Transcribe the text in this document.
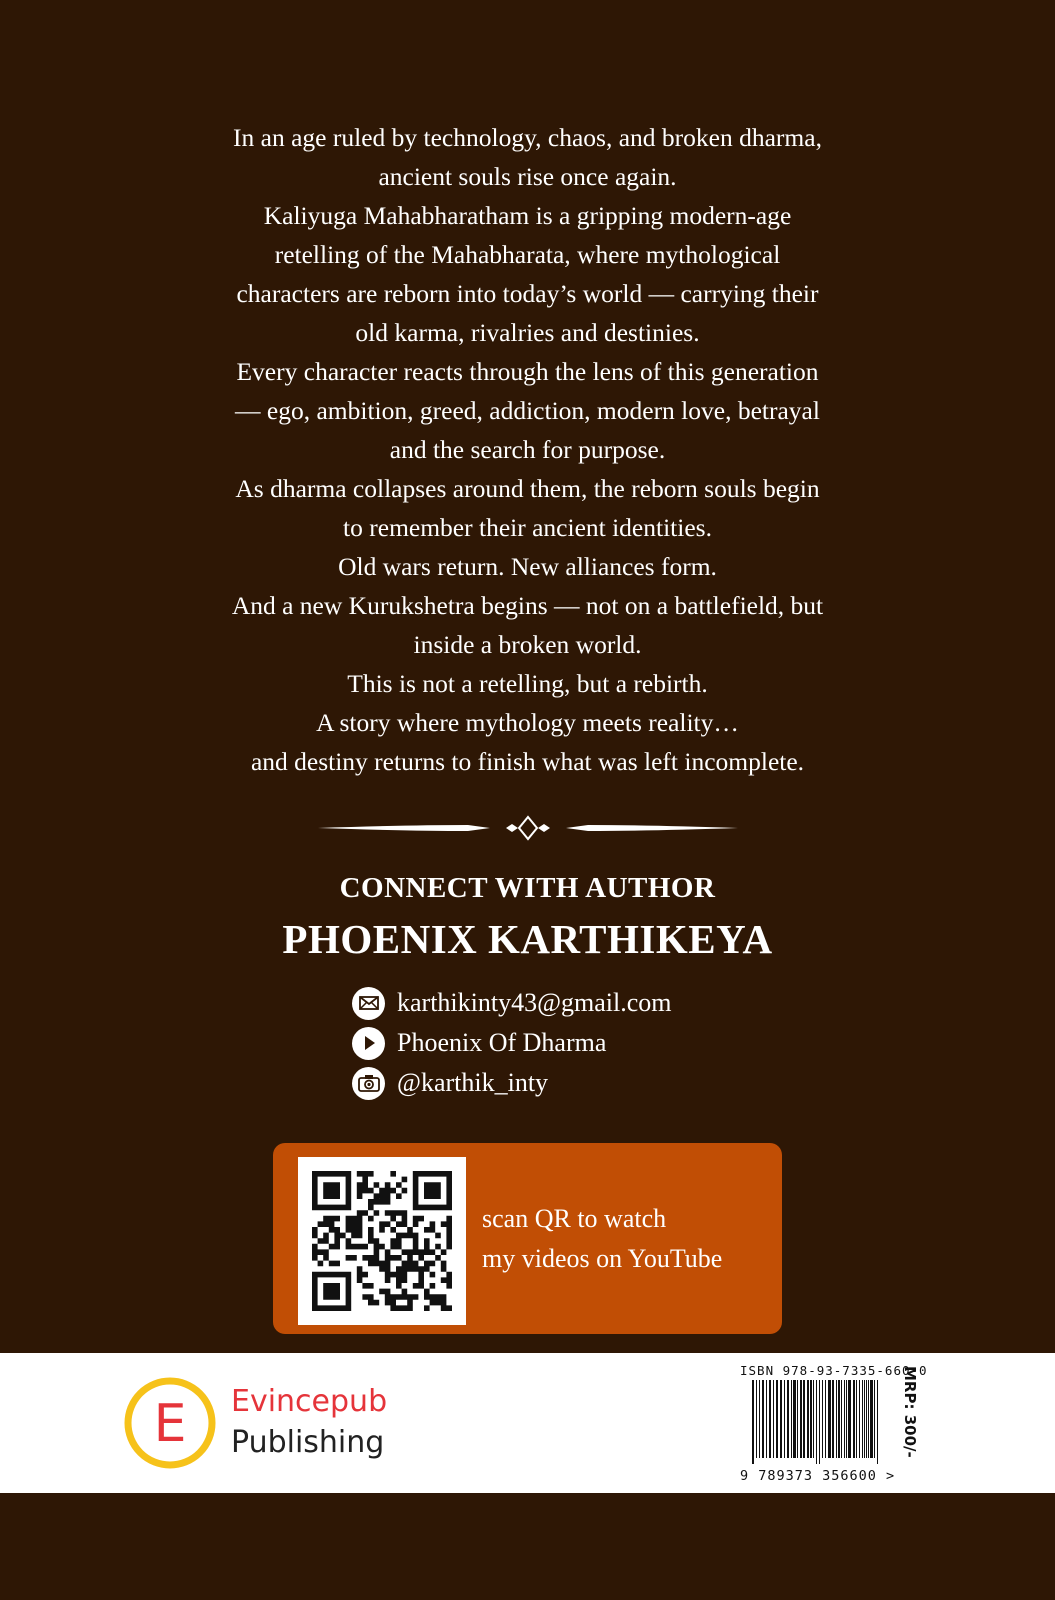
In an age ruled by technology, chaos, and broken dharma,

ancient souls rise once again.

Kaliyuga Mahabharatham is a gripping modern-age

retelling of the Mahabharata, where mythological

characters are reborn into today’s world — carrying their

old karma, rivalries and destinies.

Every character reacts through the lens of this generation

— ego, ambition, greed, addiction, modern love, betrayal

and the search for purpose.

As dharma collapses around them, the reborn souls begin

to remember their ancient identities.

Old wars return. New alliances form.

And a new Kurukshetra begins — not on a battlefield, but

inside a broken world.

This is not a retelling, but a rebirth.

A story where mythology meets reality…

and destiny returns to finish what was left incomplete.

CONNECT WITH AUTHOR
PHOENIX KARTHIKEYA
karthikinty43@gmail.com
Phoenix Of Dharma
@karthik_inty
scan QR to watch
my videos on YouTube
E Evincepub
Publishing
ISBN 978-93-7335-660-0
9 789373 356600 >
MRP: 300/-
